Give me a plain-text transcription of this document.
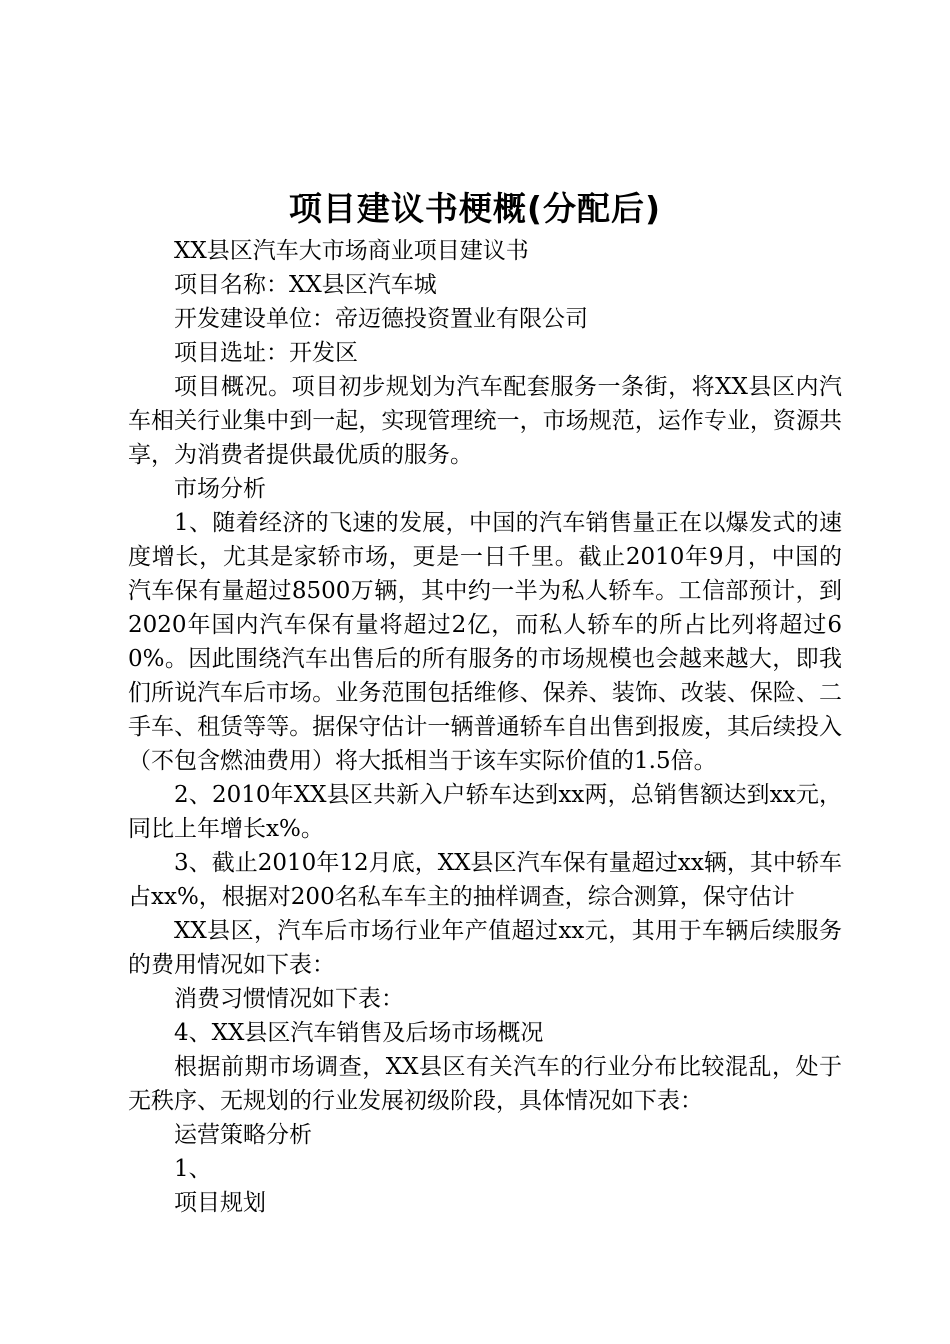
项目建议书梗概(分配后)

XX县区汽车大市场商业项目建议书

项目名称：XX县区汽车城

开发建设单位：帝迈德投资置业有限公司

项目选址：开发区

项目概况。项目初步规划为汽车配套服务一条街，将XX县区内汽车相关行业集中到一起，实现管理统一，市场规范，运作专业，资源共享，为消费者提供最优质的服务。

市场分析

1、随着经济的飞速的发展，中国的汽车销售量正在以爆发式的速度增长，尤其是家轿市场，更是一日千里。截止2010年9月，中国的汽车保有量超过8500万辆，其中约一半为私人轿车。工信部预计，到2020年国内汽车保有量将超过2亿，而私人轿车的所占比列将超过60%。因此围绕汽车出售后的所有服务的市场规模也会越来越大，即我们所说汽车后市场。业务范围包括维修、保养、装饰、改装、保险、二手车、租赁等等。据保守估计一辆普通轿车自出售到报废，其后续投入（不包含燃油费用）将大抵相当于该车实际价值的1.5倍。

2、2010年XX县区共新入户轿车达到xx两，总销售额达到xx元，同比上年增长x%。

3、截止2010年12月底，XX县区汽车保有量超过xx辆，其中轿车占xx%，根据对200名私车车主的抽样调查，综合测算，保守估计

XX县区，汽车后市场行业年产值超过xx元，其用于车辆后续服务的费用情况如下表：

消费习惯情况如下表：

4、XX县区汽车销售及后场市场概况

根据前期市场调查，XX县区有关汽车的行业分布比较混乱，处于无秩序、无规划的行业发展初级阶段，具体情况如下表：

运营策略分析

1、

项目规划
